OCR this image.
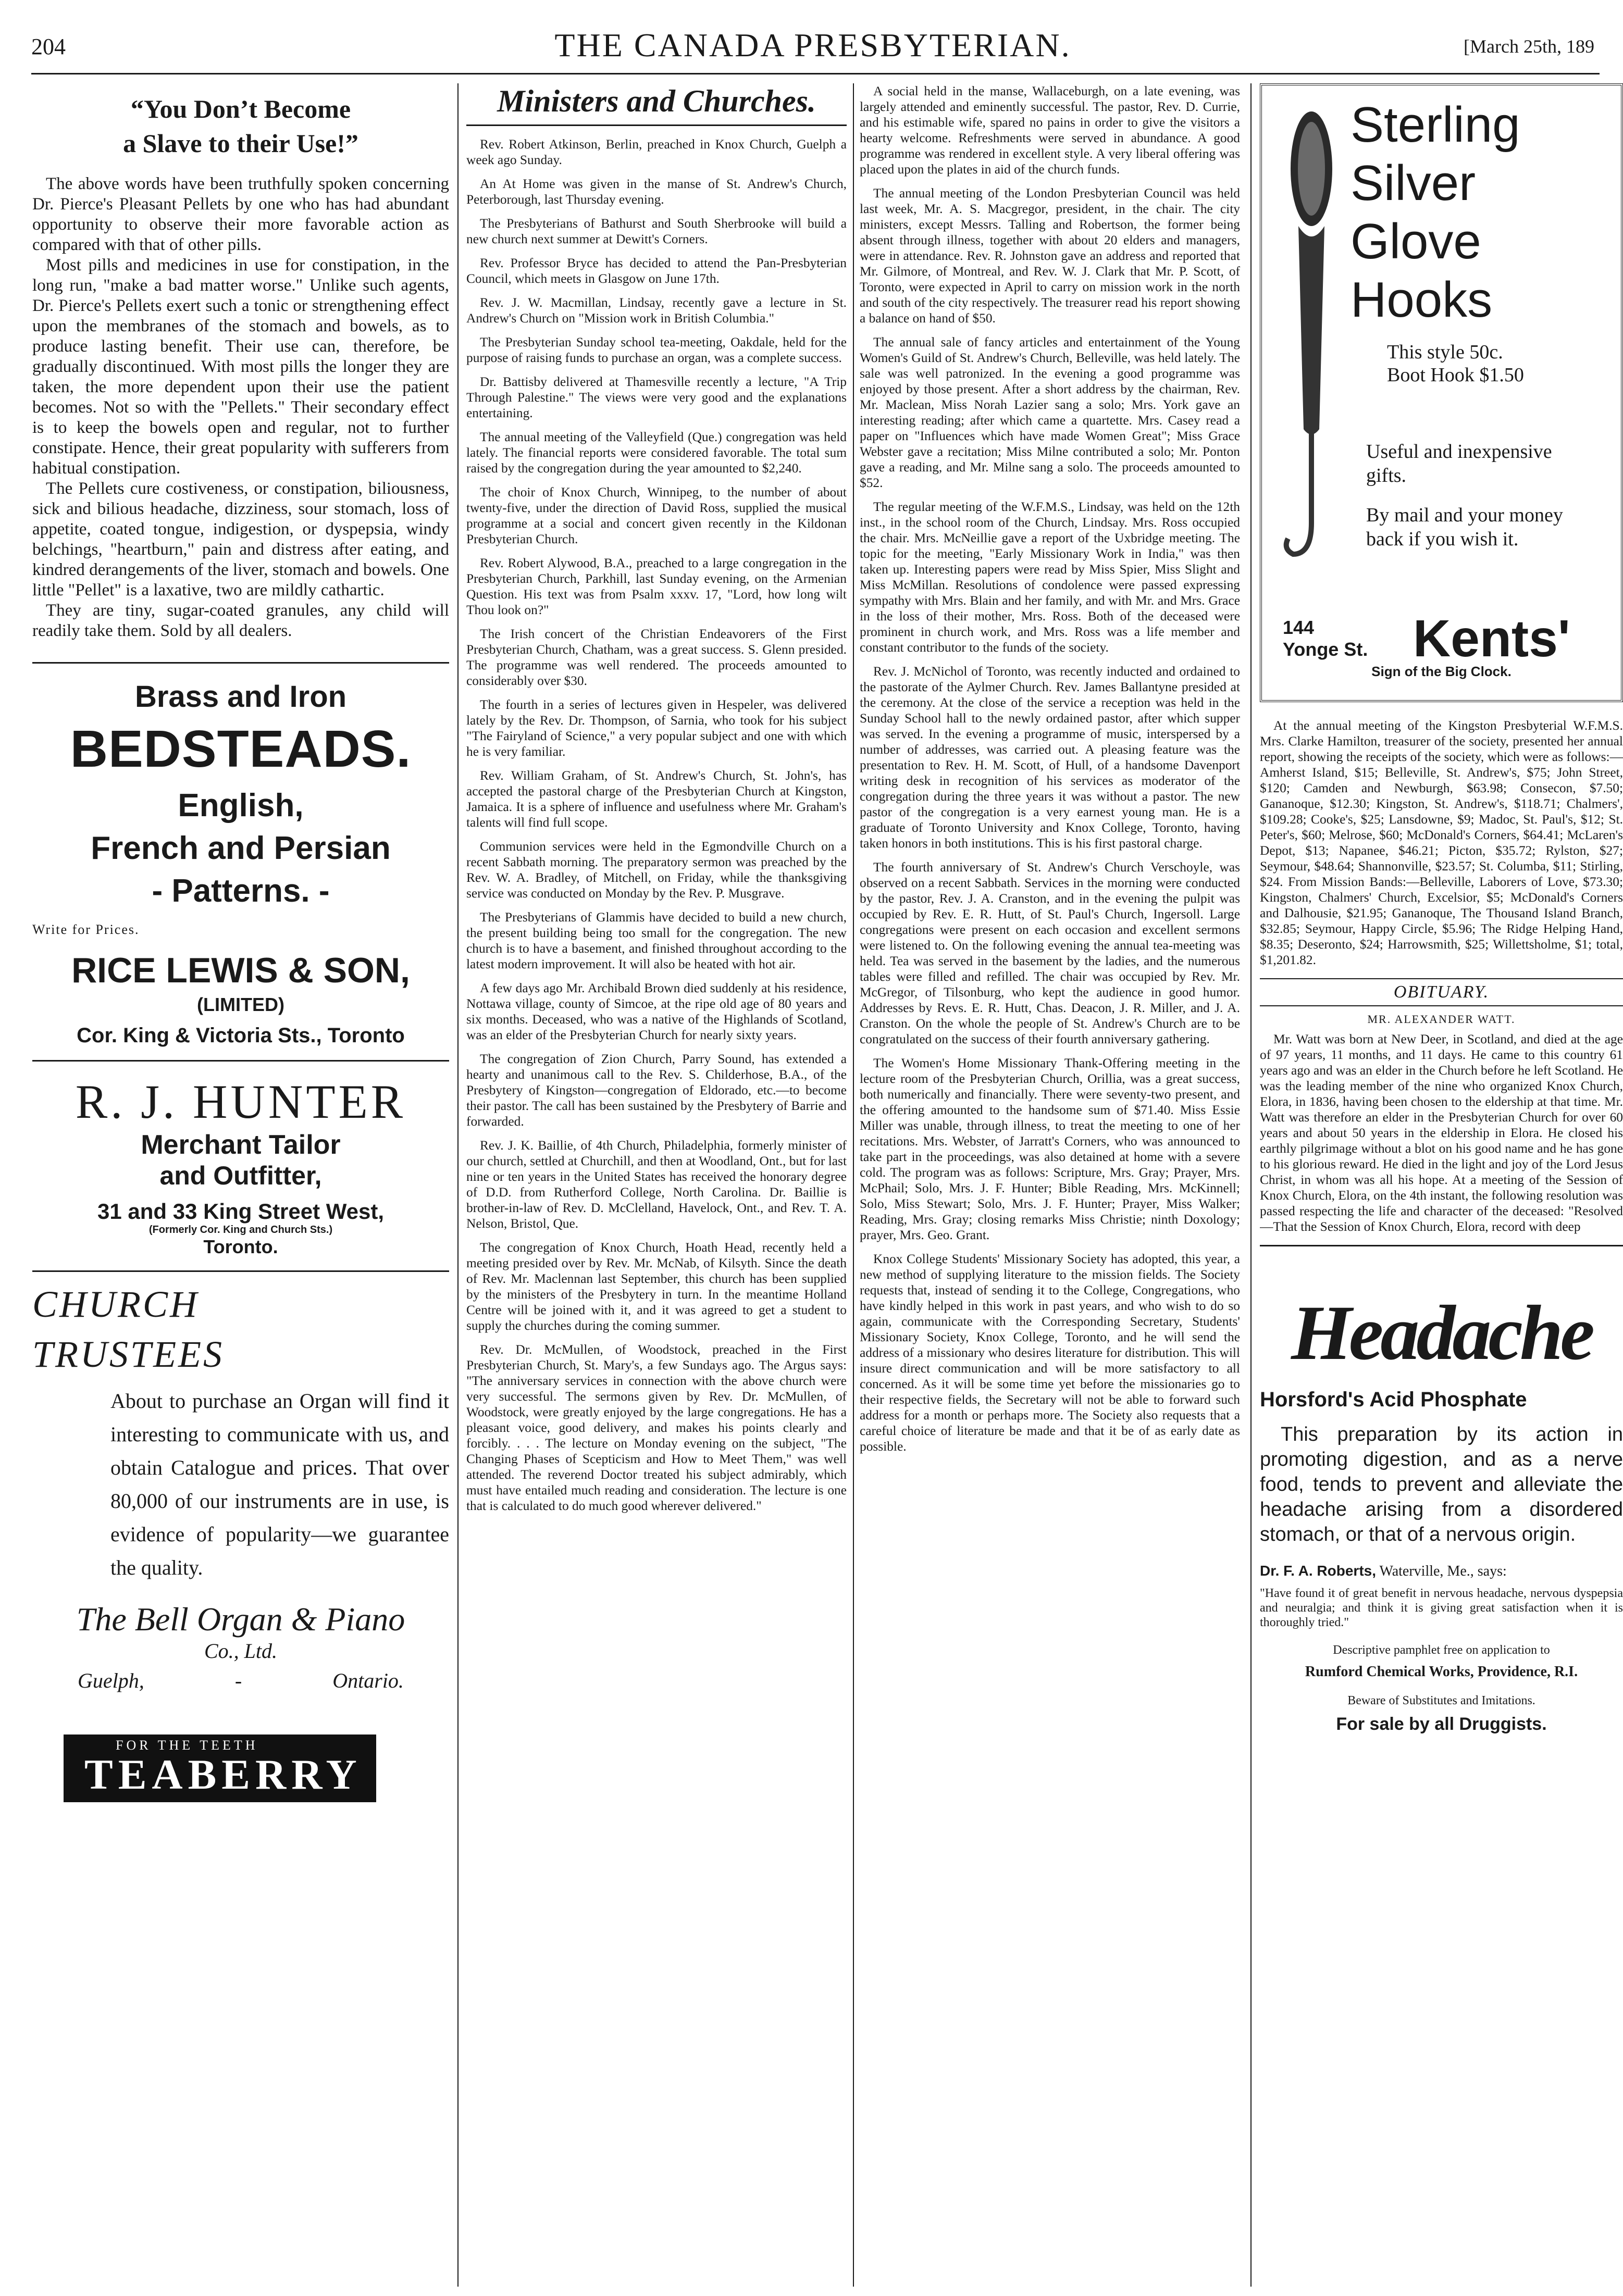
204	THE CANADA PRESBYTERIAN.	[March 25th, 189
“You Don’t Become
a Slave to their Use!”

The above words have been truthfully spoken concerning Dr. Pierce's Pleasant Pellets by one who has had abundant opportunity to observe their more favorable action as compared with that of other pills.

Most pills and medicines in use for constipation, in the long run, "make a bad matter worse." Unlike such agents, Dr. Pierce's Pellets exert such a tonic or strengthening effect upon the membranes of the stomach and bowels, as to produce lasting benefit. Their use can, therefore, be gradually discontinued. With most pills the longer they are taken, the more dependent upon their use the patient becomes. Not so with the "Pellets." Their secondary effect is to keep the bowels open and regular, not to further constipate. Hence, their great popularity with sufferers from habitual constipation.

The Pellets cure costiveness, or constipation, biliousness, sick and bilious headache, dizziness, sour stomach, loss of appetite, coated tongue, indigestion, or dyspepsia, windy belchings, "heartburn," pain and distress after eating, and kindred derangements of the liver, stomach and bowels. One little "Pellet" is a laxative, two are mildly cathartic.

They are tiny, sugar-coated granules, any child will readily take them. Sold by all dealers.

Brass and Iron
BEDSTEADS.
English,
French and Persian
- Patterns. -
Write for Prices.
RICE LEWIS & SON,
(LIMITED)
Cor. King & Victoria Sts., Toronto
R. J. HUNTER
Merchant Tailor
and Outfitter,
31 and 33 King Street West,
(Formerly Cor. King and Church Sts.)
Toronto.
CHURCH
TRUSTEES
About to purchase an Organ will find it interesting to communicate with us, and obtain Catalogue and prices. That over 80,000 of our instruments are in use, is evidence of popularity—we guarantee the quality.
The Bell Organ & Piano
Co., Ltd.
Guelph,	-	Ontario.
FOR THE TEETH
TEABERRY
Ministers and Churches.

Rev. Robert Atkinson, Berlin, preached in Knox Church, Guelph a week ago Sunday.

An At Home was given in the manse of St. Andrew's Church, Peterborough, last Thursday evening.

The Presbyterians of Bathurst and South Sherbrooke will build a new church next summer at Dewitt's Corners.

Rev. Professor Bryce has decided to attend the Pan-Presbyterian Council, which meets in Glasgow on June 17th.

Rev. J. W. Macmillan, Lindsay, recently gave a lecture in St. Andrew's Church on "Mission work in British Columbia."

The Presbyterian Sunday school tea-meeting, Oakdale, held for the purpose of raising funds to purchase an organ, was a complete success.

Dr. Battisby delivered at Thamesville recently a lecture, "A Trip Through Palestine." The views were very good and the explanations entertaining.

The annual meeting of the Valleyfield (Que.) congregation was held lately. The financial reports were considered favorable. The total sum raised by the congregation during the year amounted to $2,240.

The choir of Knox Church, Winnipeg, to the number of about twenty-five, under the direction of David Ross, supplied the musical programme at a social and concert given recently in the Kildonan Presbyterian Church.

Rev. Robert Alywood, B.A., preached to a large congregation in the Presbyterian Church, Parkhill, last Sunday evening, on the Armenian Question. His text was from Psalm xxxv. 17, "Lord, how long wilt Thou look on?"

The Irish concert of the Christian Endeavorers of the First Presbyterian Church, Chatham, was a great success. S. Glenn presided. The programme was well rendered. The proceeds amounted to considerably over $30.

The fourth in a series of lectures given in Hespeler, was delivered lately by the Rev. Dr. Thompson, of Sarnia, who took for his subject "The Fairyland of Science," a very popular subject and one with which he is very familiar.

Rev. William Graham, of St. Andrew's Church, St. John's, has accepted the pastoral charge of the Presbyterian Church at Kingston, Jamaica. It is a sphere of influence and usefulness where Mr. Graham's talents will find full scope.

Communion services were held in the Egmondville Church on a recent Sabbath morning. The preparatory sermon was preached by the Rev. W. A. Bradley, of Mitchell, on Friday, while the thanksgiving service was conducted on Monday by the Rev. P. Musgrave.

The Presbyterians of Glammis have decided to build a new church, the present building being too small for the congregation. The new church is to have a basement, and finished throughout according to the latest modern improvement. It will also be heated with hot air.

A few days ago Mr. Archibald Brown died suddenly at his residence, Nottawa village, county of Simcoe, at the ripe old age of 80 years and six months. Deceased, who was a native of the Highlands of Scotland, was an elder of the Presbyterian Church for nearly sixty years.

The congregation of Zion Church, Parry Sound, has extended a hearty and unanimous call to the Rev. S. Childerhose, B.A., of the Presbytery of Kingston—congregation of Eldorado, etc.—to become their pastor. The call has been sustained by the Presbytery of Barrie and forwarded.

Rev. J. K. Baillie, of 4th Church, Philadelphia, formerly minister of our church, settled at Churchill, and then at Woodland, Ont., but for last nine or ten years in the United States has received the honorary degree of D.D. from Rutherford College, North Carolina. Dr. Baillie is brother-in-law of Rev. D. McClelland, Havelock, Ont., and Rev. T. A. Nelson, Bristol, Que.

The congregation of Knox Church, Hoath Head, recently held a meeting presided over by Rev. Mr. McNab, of Kilsyth. Since the death of Rev. Mr. Maclennan last September, this church has been supplied by the ministers of the Presbytery in turn. In the meantime Holland Centre will be joined with it, and it was agreed to get a student to supply the churches during the coming summer.

Rev. Dr. McMullen, of Woodstock, preached in the First Presbyterian Church, St. Mary's, a few Sundays ago. The Argus says: "The anniversary services in connection with the above church were very successful. The sermons given by Rev. Dr. McMullen, of Woodstock, were greatly enjoyed by the large congregations. He has a pleasant voice, good delivery, and makes his points clearly and forcibly. . . . The lecture on Monday evening on the subject, "The Changing Phases of Scepticism and How to Meet Them," was well attended. The reverend Doctor treated his subject admirably, which must have entailed much reading and consideration. The lecture is one that is calculated to do much good wherever delivered."

A social held in the manse, Wallaceburgh, on a late evening, was largely attended and eminently successful. The pastor, Rev. D. Currie, and his estimable wife, spared no pains in order to give the visitors a hearty welcome. Refreshments were served in abundance. A good programme was rendered in excellent style. A very liberal offering was placed upon the plates in aid of the church funds.

The annual meeting of the London Presbyterian Council was held last week, Mr. A. S. Macgregor, president, in the chair. The city ministers, except Messrs. Talling and Robertson, the former being absent through illness, together with about 20 elders and managers, were in attendance. Rev. R. Johnston gave an address and reported that Mr. Gilmore, of Montreal, and Rev. W. J. Clark that Mr. P. Scott, of Toronto, were expected in April to carry on mission work in the north and south of the city respectively. The treasurer read his report showing a balance on hand of $50.

The annual sale of fancy articles and entertainment of the Young Women's Guild of St. Andrew's Church, Belleville, was held lately. The sale was well patronized. In the evening a good programme was enjoyed by those present. After a short address by the chairman, Rev. Mr. Maclean, Miss Norah Lazier sang a solo; Mrs. York gave an interesting reading; after which came a quartette. Mrs. Casey read a paper on "Influences which have made Women Great"; Miss Grace Webster gave a recitation; Miss Milne contributed a solo; Mr. Ponton gave a reading, and Mr. Milne sang a solo. The proceeds amounted to $52.

The regular meeting of the W.F.M.S., Lindsay, was held on the 12th inst., in the school room of the Church, Lindsay. Mrs. Ross occupied the chair. Mrs. McNeillie gave a report of the Uxbridge meeting. The topic for the meeting, "Early Missionary Work in India," was then taken up. Interesting papers were read by Miss Spier, Miss Slight and Miss McMillan. Resolutions of condolence were passed expressing sympathy with Mrs. Blain and her family, and with Mr. and Mrs. Grace in the loss of their mother, Mrs. Ross. Both of the deceased were prominent in church work, and Mrs. Ross was a life member and constant contributor to the funds of the society.

Rev. J. McNichol of Toronto, was recently inducted and ordained to the pastorate of the Aylmer Church. Rev. James Ballantyne presided at the ceremony. At the close of the service a reception was held in the Sunday School hall to the newly ordained pastor, after which supper was served. In the evening a programme of music, interspersed by a number of addresses, was carried out. A pleasing feature was the presentation to Rev. H. M. Scott, of Hull, of a handsome Davenport writing desk in recognition of his services as moderator of the congregation during the three years it was without a pastor. The new pastor of the congregation is a very earnest young man. He is a graduate of Toronto University and Knox College, Toronto, having taken honors in both institutions. This is his first pastoral charge.

The fourth anniversary of St. Andrew's Church Verschoyle, was observed on a recent Sabbath. Services in the morning were conducted by the pastor, Rev. J. A. Cranston, and in the evening the pulpit was occupied by Rev. E. R. Hutt, of St. Paul's Church, Ingersoll. Large congregations were present on each occasion and excellent sermons were listened to. On the following evening the annual tea-meeting was held. Tea was served in the basement by the ladies, and the numerous tables were filled and refilled. The chair was occupied by Rev. Mr. McGregor, of Tilsonburg, who kept the audience in good humor. Addresses by Revs. E. R. Hutt, Chas. Deacon, J. R. Miller, and J. A. Cranston. On the whole the people of St. Andrew's Church are to be congratulated on the success of their fourth anniversary gathering.

The Women's Home Missionary Thank-Offering meeting in the lecture room of the Presbyterian Church, Orillia, was a great success, both numerically and financially. There were seventy-two present, and the offering amounted to the handsome sum of $71.40. Miss Essie Miller was unable, through illness, to treat the meeting to one of her recitations. Mrs. Webster, of Jarratt's Corners, who was announced to take part in the proceedings, was also detained at home with a severe cold. The program was as follows: Scripture, Mrs. Gray; Prayer, Mrs. McPhail; Solo, Mrs. J. F. Hunter; Bible Reading, Mrs. McKinnell; Solo, Miss Stewart; Solo, Mrs. J. F. Hunter; Prayer, Miss Walker; Reading, Mrs. Gray; closing remarks Miss Christie; ninth Doxology; prayer, Mrs. Geo. Grant.

Knox College Students' Missionary Society has adopted, this year, a new method of supplying literature to the mission fields. The Society requests that, instead of sending it to the College, Congregations, who have kindly helped in this work in past years, and who wish to do so again, communicate with the Corresponding Secretary, Students' Missionary Society, Knox College, Toronto, and he will send the address of a missionary who desires literature for distribution. This will insure direct communication and will be more satisfactory to all concerned. As it will be some time yet before the missionaries go to their respective fields, the Secretary will not be able to forward such address for a month or perhaps more. The Society also requests that a careful choice of literature be made and that it be of as early date as possible.

Sterling
Silver
Glove
Hooks
This style 50c.
Boot Hook $1.50
Useful and inexpensive gifts.
By mail and your money back if you wish it.
144
Yonge St. Kents'
Sign of the Big Clock.

At the annual meeting of the Kingston Presbyterial W.F.M.S. Mrs. Clarke Hamilton, treasurer of the society, presented her annual report, showing the receipts of the society, which were as follows:—Amherst Island, $15; Belleville, St. Andrew's, $75; John Street, $120; Camden and Newburgh, $63.98; Consecon, $7.50; Gananoque, $12.30; Kingston, St. Andrew's, $118.71; Chalmers', $109.28; Cooke's, $25; Lansdowne, $9; Madoc, St. Paul's, $12; St. Peter's, $60; Melrose, $60; McDonald's Corners, $64.41; McLaren's Depot, $13; Napanee, $46.21; Picton, $35.72; Rylston, $27; Seymour, $48.64; Shannonville, $23.57; St. Columba, $11; Stirling, $24. From Mission Bands:—Belleville, Laborers of Love, $73.30; Kingston, Chalmers' Church, Excelsior, $5; McDonald's Corners and Dalhousie, $21.95; Gananoque, The Thousand Island Branch, $32.85; Seymour, Happy Circle, $5.96; The Ridge Helping Hand, $8.35; Deseronto, $24; Harrowsmith, $25; Willettsholme, $1; total, $1,201.82.

OBITUARY.
MR. ALEXANDER WATT.

Mr. Watt was born at New Deer, in Scotland, and died at the age of 97 years, 11 months, and 11 days. He came to this country 61 years ago and was an elder in the Church before he left Scotland. He was the leading member of the nine who organized Knox Church, Elora, in 1836, having been chosen to the eldership at that time. Mr. Watt was therefore an elder in the Presbyterian Church for over 60 years and about 50 years in the eldership in Elora. He closed his earthly pilgrimage without a blot on his good name and he has gone to his glorious reward. He died in the light and joy of the Lord Jesus Christ, in whom was all his hope. At a meeting of the Session of Knox Church, Elora, on the 4th instant, the following resolution was passed respecting the life and character of the deceased: "Resolved—That the Session of Knox Church, Elora, record with deep

Headache
Horsford's Acid Phosphate
This preparation by its action in promoting digestion, and as a nerve food, tends to prevent and alleviate the headache arising from a disordered stomach, or that of a nervous origin.
Dr. F. A. Roberts, Waterville, Me., says:
"Have found it of great benefit in nervous headache, nervous dyspepsia and neuralgia; and think it is giving great satisfaction when it is thoroughly tried."
Descriptive pamphlet free on application to
Rumford Chemical Works, Providence, R.I.
Beware of Substitutes and Imitations.
For sale by all Druggists.
